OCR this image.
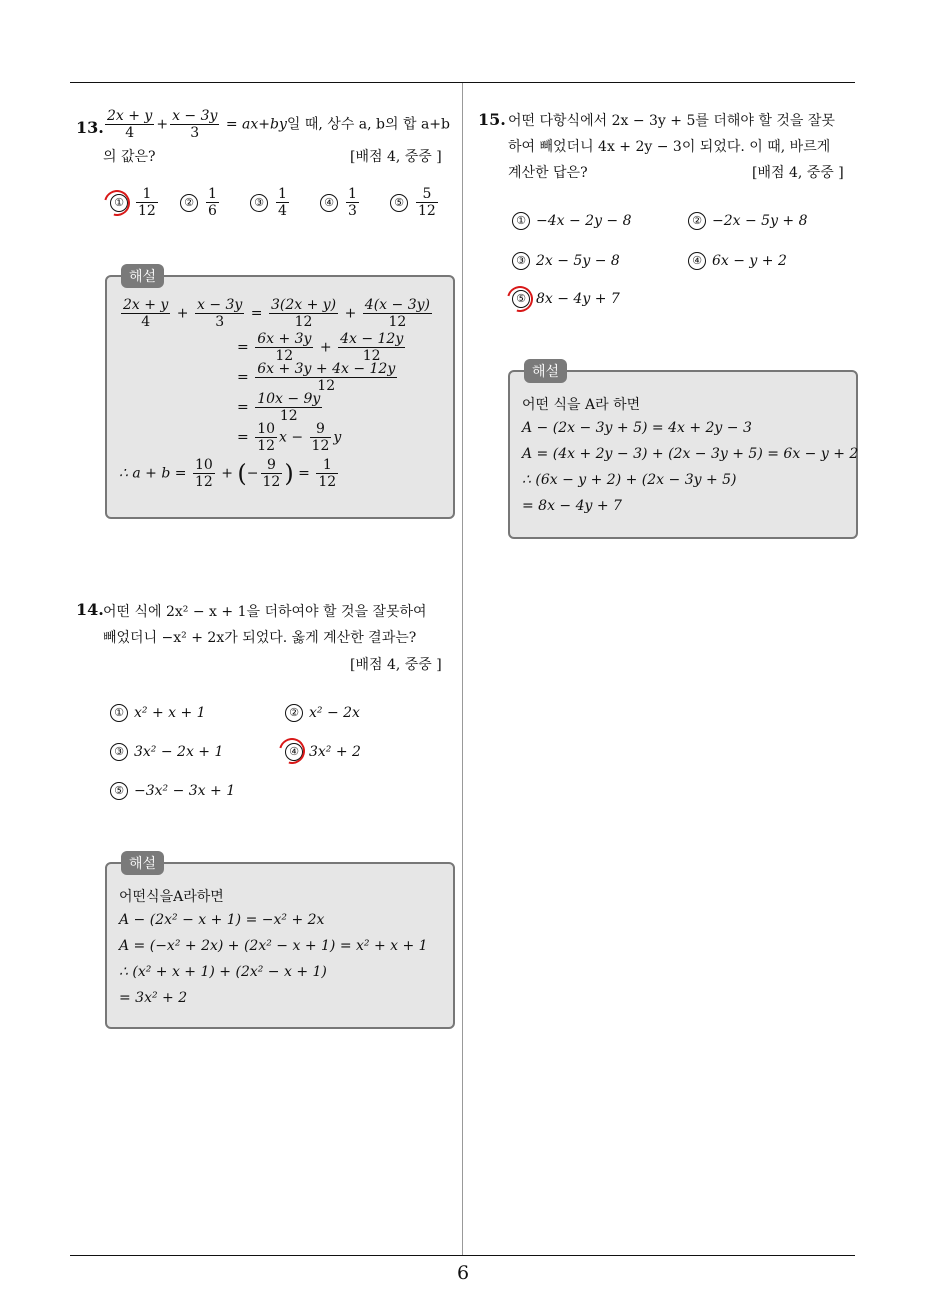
13. $\frac{2x + y}{4} + \frac{x - 3y}{3} = ax+by$일 때, 상수 a, b의 합 a+b
의 값은?	[배점 4, 중중 ]
① $\frac{1}{12}$	② $\frac{1}{6}$	③ $\frac{1}{4}$	④ $\frac{1}{3}$	⑤ $\frac{5}{12}$
해설
$\frac{2x + y}{4} + \frac{x - 3y}{3} = \frac{3(2x + y)}{12} + \frac{4(x - 3y)}{12}$
= $\frac{6x + 3y}{12} + \frac{4x - 12y}{12}$
= $\frac{6x + 3y + 4x - 12y}{12}$
= $\frac{10x - 9y}{12}$
= $\frac{10}{12}$ $x - \frac{9}{12}$ y
∴ $a + b = \frac{10}{12}$ + (− $\frac{9}{12}$ ) = $\frac{1}{12}$
14. 어떤 식에 2x² − x + 1을 더하여야 할 것을 잘못하여
빼었더니 −x² + 2x가 되었다. 옳게 계산한 결과는?
[배점 4, 중중 ]
① x² + x + 1	② x² − 2x
③ 3x² − 2x + 1	④ 3x² + 2
⑤ −3x² − 3x + 1
해설
어떤식을A라하면
A − (2x² − x + 1) = −x² + 2x
A = (−x² + 2x) + (2x² − x + 1) = x² + x + 1
∴ (x² + x + 1) + (2x² − x + 1)
= 3x² + 2
15. 어떤 다항식에서 2x − 3y + 5를 더해야 할 것을 잘못
하여 빼었더니 4x + 2y − 3이 되었다. 이 때, 바르게
계산한 답은?	[배점 4, 중중 ]
① −4x − 2y − 8	② −2x − 5y + 8
③ 2x − 5y − 8	④ 6x − y + 2
⑤ 8x − 4y + 7
해설
어떤 식을 A라 하면
A − (2x − 3y + 5) = 4x + 2y − 3
A = (4x + 2y − 3) + (2x − 3y + 5) = 6x − y + 2
∴ (6x − y + 2) + (2x − 3y + 5)
= 8x − 4y + 7
6
